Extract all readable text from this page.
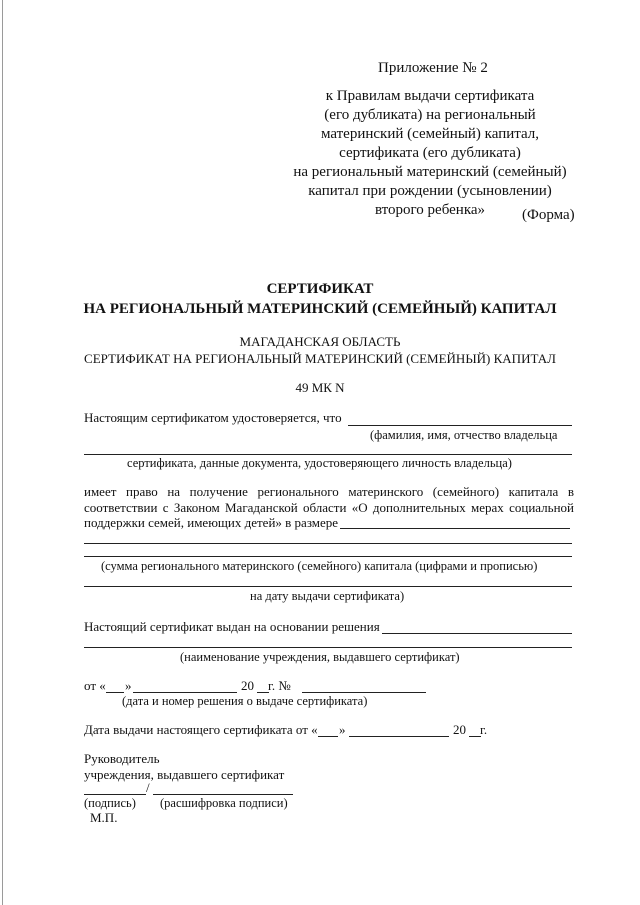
Приложение № 2
к Правилам выдачи сертификата
(его дубликата) на региональный
материнский (семейный) капитал,
сертификата (его дубликата)
на региональный материнский (семейный)
капитал при рождении (усыновлении)
второго ребенка»	(Форма)
СЕРТИФИКАТ
НА РЕГИОНАЛЬНЫЙ МАТЕРИНСКИЙ (СЕМЕЙНЫЙ) КАПИТАЛ
МАГАДАНСКАЯ ОБЛАСТЬ
СЕРТИФИКАТ НА РЕГИОНАЛЬНЫЙ МАТЕРИНСКИЙ (СЕМЕЙНЫЙ) КАПИТАЛ
49 МК N
Настоящим сертификатом удостоверяется, что
(фамилия, имя, отчество владельца
сертификата, данные документа, удостоверяющего личность владельца)
имеет право на получение регионального материнского (семейного) капитала в соответствии с Законом Магаданской области «О дополнительных мерах социальной поддержки семей, имеющих детей» в размере
(сумма регионального материнского (семейного) капитала (цифрами и прописью)
на дату выдачи сертификата)
Настоящий сертификат выдан на основании решения
(наименование учреждения, выдавшего сертификат)
от « »	20 г. №
(дата и номер решения о выдаче сертификата)
Дата выдачи настоящего сертификата от « »	20 г.
Руководитель
учреждения, выдавшего сертификат
/
(подпись) (расшифровка подписи)
М.П.
